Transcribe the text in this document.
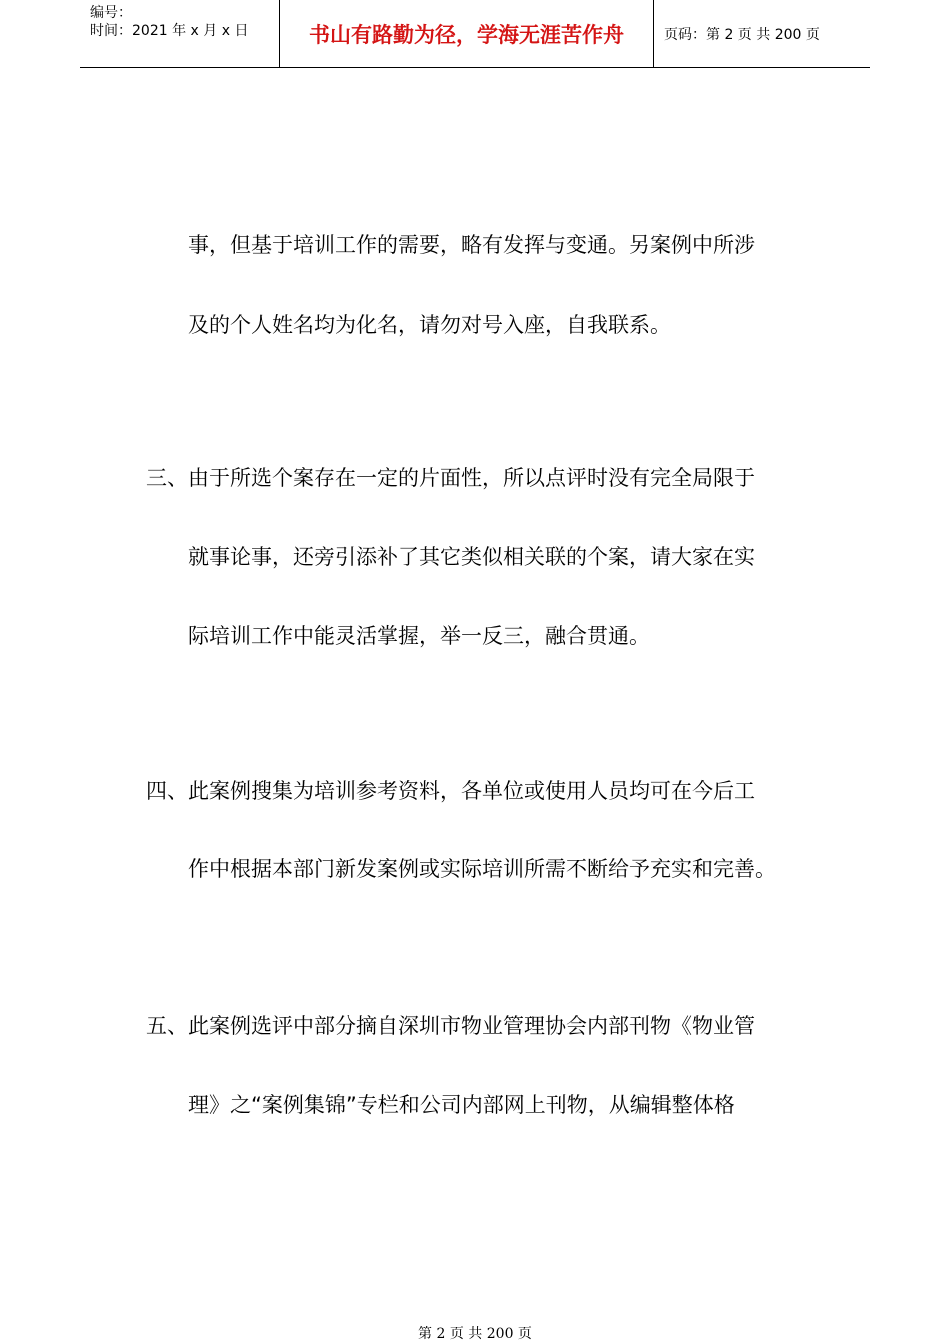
编号：
时间：2021 年 x 月 x 日	书山有路勤为径，学海无涯苦作舟	页码：第 2 页 共 200 页
事，但基于培训工作的需要，略有发挥与变通。另案例中所涉
及的个人姓名均为化名，请勿对号入座，自我联系。
三、由于所选个案存在一定的片面性，所以点评时没有完全局限于
就事论事，还旁引添补了其它类似相关联的个案，请大家在实
际培训工作中能灵活掌握，举一反三，融合贯通。
四、此案例搜集为培训参考资料，各单位或使用人员均可在今后工
作中根据本部门新发案例或实际培训所需不断给予充实和完善。
五、此案例选评中部分摘自深圳市物业管理协会内部刊物《物业管
理》之“案例集锦”专栏和公司内部网上刊物，从编辑整体格
第 2 页 共 200 页
